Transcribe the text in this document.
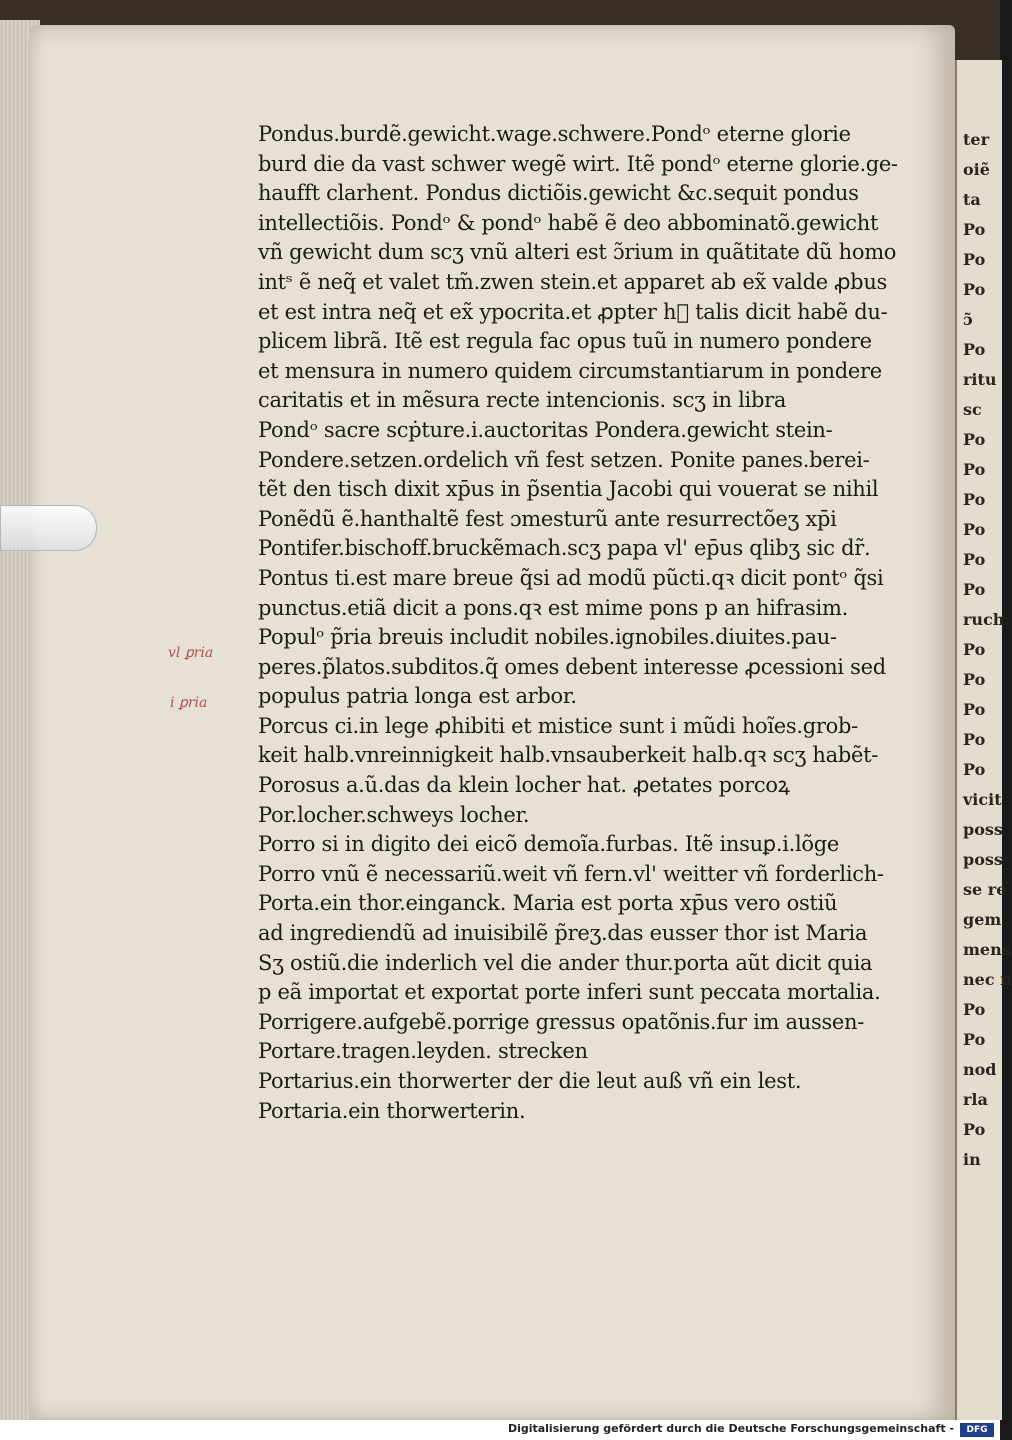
ter
oiẽ
ta
Po
Po
Po
ɔ̃
Po
ritu
sc
Po
Po
Po
Po
Po
Po
ruch
Po
Po
Po
Po
Po
vicit
poss
poss
se re
gem
mens
nec n
Po
Po
nod
rla
Po
in
vl ꝑria
i ꝑria
Pondus.burdẽ.gewicht.wage.schwere.Pondᵒ eterne glorie
burd die da vast schwer wegẽ wirt. Itẽ pondᵒ eterne glorie.ge-
haufft clarhent. Pondus dictiõis.gewicht &c.sequit pondus
intellectiõis. Pondᵒ & pondᵒ habẽ ẽ deo abbominatõ.gewicht
vñ gewicht dum scʒ vnũ alteri est ɔ̃rium in quãtitate dũ homo
intˢ ẽ neq̃ et valet tm̃.zwen stein.et apparet ab ex̃ valde ꝓbus
et est intra neq̃ et ex̃ ypocrita.et ꝓpter hᷓ talis dicit habẽ du-
plicem librã. Itẽ est regula fac opus tuũ in numero pondere
et mensura in numero quidem circumstantiarum in pondere
caritatis et in mẽsura recte intencionis. scʒ in libra
Pondᵒ sacre scṗture.i.auctoritas Pondera.gewicht stein-
Pondere.setzen.ordelich vñ fest setzen. Ponite panes.berei-
tẽt den tisch dixit xp̄us in p̃sentia Jacobi qui vouerat se nihil
Ponẽdũ ẽ.hanthaltẽ fest ɔmesturũ ante resurrectõeʒ xp̄i
Pontifer.bischoff.bruckẽmach.scʒ papa vl' ep̄us qlibʒ sic dr̃.
Pontus ti.est mare breue q̃si ad modũ pũcti.qꝛ dicit pontᵒ q̃si
punctus.etiã dicit a pons.qꝛ est mime pons p an hifrasim.
Populᵒ p̃ria breuis includit nobiles.ignobiles.diuites.pau-
peres.p̃latos.subditos.q̃ omes debent interesse ꝓcessioni sed
populus patria longa est arbor.
Porcus ci.in lege ꝓhibiti et mistice sunt i mũdi hoĩes.grob-
keit halb.vnreinnigkeit halb.vnsauberkeit halb.qꝛ scʒ habẽt-
Porosus a.ũ.das da klein locher hat. ꝓetates porcoꝝ
Por.locher.schweys locher.
Porro si in digito dei eicõ demoĩa.furbas. Itẽ insuꝑ.i.lõge
Porro vnũ ẽ necessariũ.weit vñ fern.vl' weitter vñ forderlich-
Porta.ein thor.einganck. Maria est porta xp̄us vero ostiũ
ad ingrediendũ ad inuisibilẽ p̃reʒ.das eusser thor ist Maria
Sʒ ostiũ.die inderlich vel die ander thur.porta aũt dicit quia
p eã importat et exportat porte inferi sunt peccata mortalia.
Porrigere.aufgebẽ.porrige gressus opatõnis.fur im aussen-
Portare.tragen.leyden. strecken
Portarius.ein thorwerter der die leut auß vñ ein lest.
Portaria.ein thorwerterin.
Digitalisierung gefördert durch die Deutsche Forschungsgemeinschaft -	DFG
